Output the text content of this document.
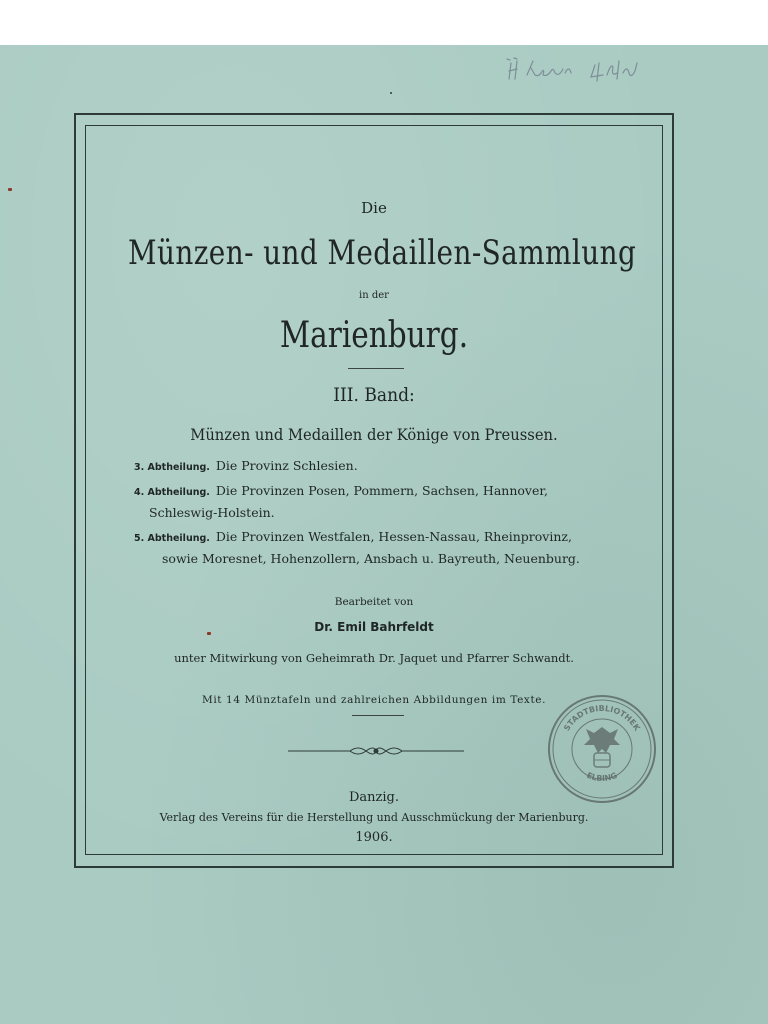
Die
Münzen- und Medaillen-Sammlung
in der
Marienburg.
III. Band:
Münzen und Medaillen der Könige von Preussen.
3. Abtheilung. Die Provinz Schlesien.
4. Abtheilung. Die Provinzen Posen, Pommern, Sachsen, Hannover,
Schleswig-Holstein.
5. Abtheilung. Die Provinzen Westfalen, Hessen-Nassau, Rheinprovinz,
sowie Moresnet, Hohenzollern, Ansbach u. Bayreuth, Neuenburg.
Bearbeitet von
Dr. Emil Bahrfeldt
unter Mitwirkung von Geheimrath Dr. Jaquet und Pfarrer Schwandt.
Mit 14 Münztafeln und zahlreichen Abbildungen im Texte.
Danzig.
Verlag des Vereins für die Herstellung und Ausschmückung der Marienburg.
1906.
STADTBIBLIOTHEK
ELBING
